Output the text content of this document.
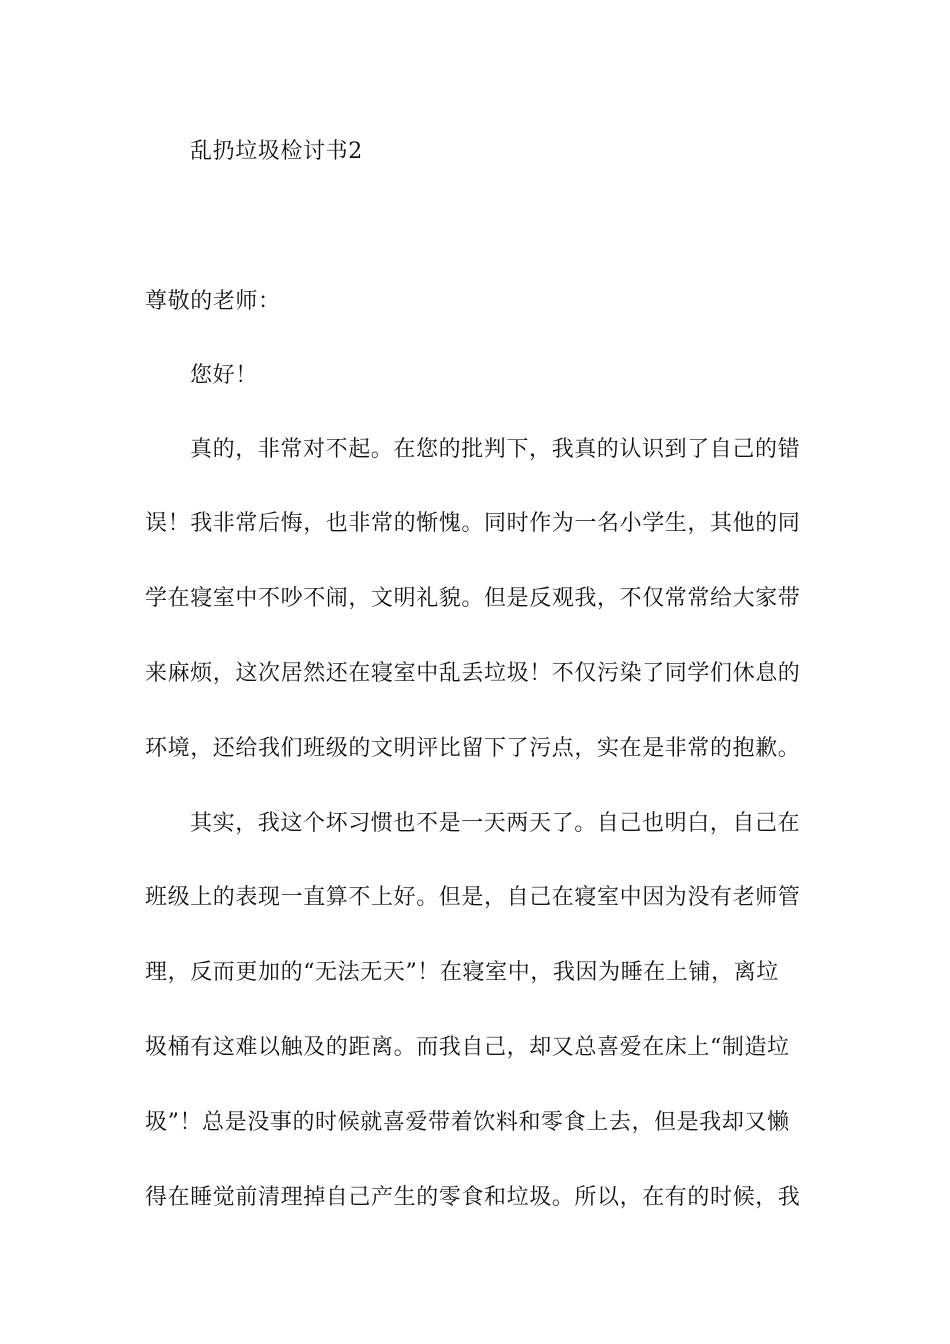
乱扔垃圾检讨书2
尊敬的老师：
您好！
真的，非常对不起。在您的批判下，我真的认识到了自己的错
误！我非常后悔，也非常的惭愧。同时作为一名小学生，其他的同
学在寝室中不吵不闹，文明礼貌。但是反观我，不仅常常给大家带
来麻烦，这次居然还在寝室中乱丢垃圾！不仅污染了同学们休息的
环境，还给我们班级的文明评比留下了污点，实在是非常的抱歉。
其实，我这个坏习惯也不是一天两天了。自己也明白，自己在
班级上的表现一直算不上好。但是，自己在寝室中因为没有老师管
理，反而更加的“无法无天”！在寝室中，我因为睡在上铺，离垃
圾桶有这难以触及的距离。而我自己，却又总喜爱在床上“制造垃
圾”！总是没事的时候就喜爱带着饮料和零食上去，但是我却又懒
得在睡觉前清理掉自己产生的零食和垃圾。所以，在有的时候，我
